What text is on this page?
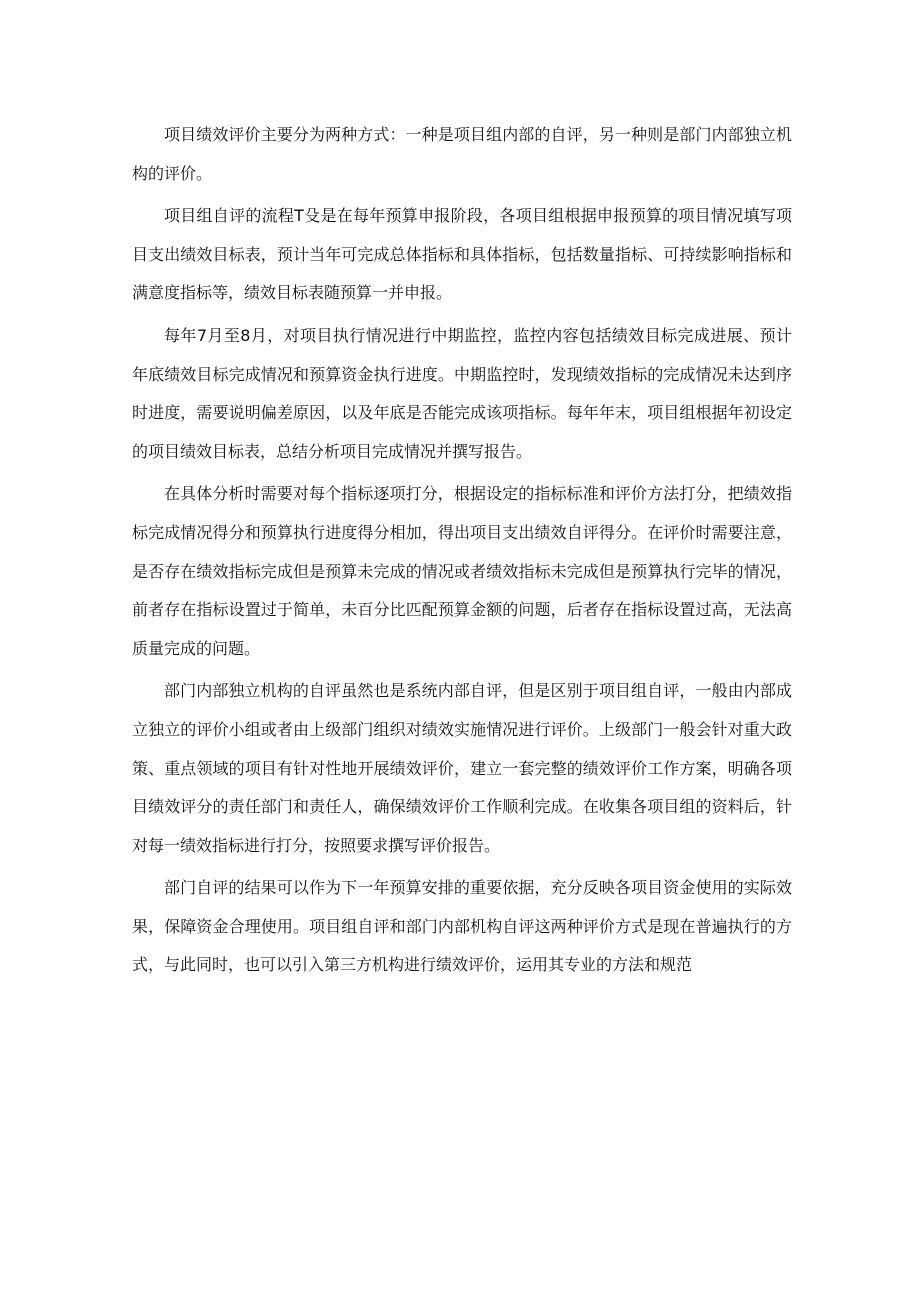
项目绩效评价主要分为两种方式：一种是项目组内部的自评，另一种则是部门内部独立机构的评价。

项目组自评的流程T殳是在每年预算申报阶段，各项目组根据申报预算的项目情况填写项目支出绩效目标表，预计当年可完成总体指标和具体指标，包括数量指标、可持续影响指标和满意度指标等，绩效目标表随预算一并申报。

每年7月至8月，对项目执行情况进行中期监控，监控内容包括绩效目标完成进展、预计年底绩效目标完成情况和预算资金执行进度。中期监控时，发现绩效指标的完成情况未达到序时进度，需要说明偏差原因，以及年底是否能完成该项指标。每年年末，项目组根据年初设定的项目绩效目标表，总结分析项目完成情况并撰写报告。

在具体分析时需要对每个指标逐项打分，根据设定的指标标准和评价方法打分，把绩效指标完成情况得分和预算执行进度得分相加，得出项目支出绩效自评得分。在评价时需要注意，是否存在绩效指标完成但是预算未完成的情况或者绩效指标未完成但是预算执行完毕的情况，前者存在指标设置过于简单，未百分比匹配预算金额的问题，后者存在指标设置过高，无法高质量完成的问题。

部门内部独立机构的自评虽然也是系统内部自评，但是区别于项目组自评，一般由内部成立独立的评价小组或者由上级部门组织对绩效实施情况进行评价。上级部门一般会针对重大政策、重点领域的项目有针对性地开展绩效评价，建立一套完整的绩效评价工作方案，明确各项目绩效评分的责任部门和责任人，确保绩效评价工作顺利完成。在收集各项目组的资料后，针对每一绩效指标进行打分，按照要求撰写评价报告。

部门自评的结果可以作为下一年预算安排的重要依据，充分反映各项目资金使用的实际效果，保障资金合理使用。项目组自评和部门内部机构自评这两种评价方式是现在普遍执行的方式，与此同时，也可以引入第三方机构进行绩效评价，运用其专业的方法和规范
